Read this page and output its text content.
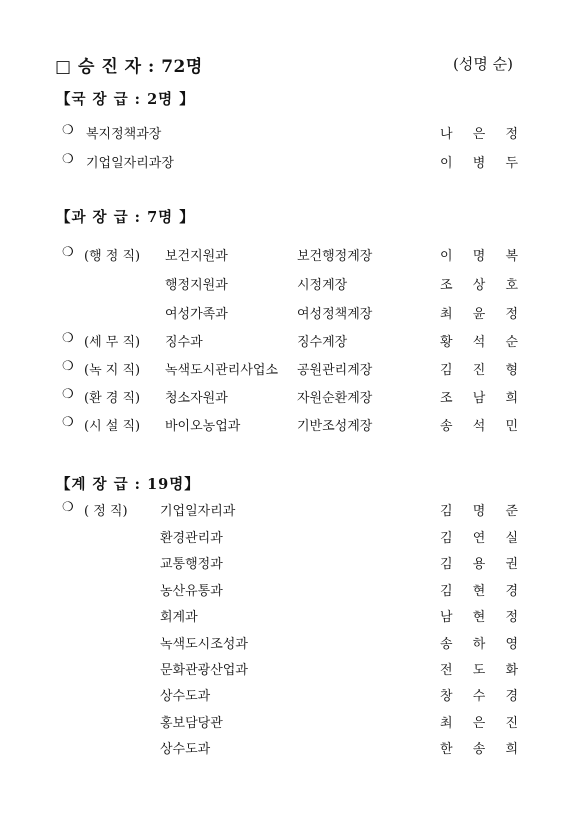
□ 승 진 자 : 72명	(성명 순)
【국 장 급 : 2명 】
❍ 복지정책과장	나 은 정
❍ 기업일자리과장	이 병 두
【과 장 급 : 7명 】
❍ (행 정 직) 보건지원과	보건행정계장	이 명 복
행정지원과	시정계장	조 상 호
여성가족과	여성정책계장	최 윤 정
❍ (세 무 직) 징수과	징수계장	황 석 순
❍ (녹 지 직) 녹색도시관리사업소 공원관리계장	김 진 형
❍ (환 경 직) 청소자원과	자원순환계장	조 남 희
❍ (시 설 직) 바이오농업과	기반조성계장	송 석 민
【계 장 급 : 19명】
❍ ( 정 직) 기업일자리과	김 명 준
환경관리과	김 연 실
교통행정과	김 용 권
농산유통과	김 현 경
회계과	남 현 정
녹색도시조성과	송 하 영
문화관광산업과	전 도 화
상수도과	창 수 경
홍보담당관	최 은 진
상수도과	한 송 희
